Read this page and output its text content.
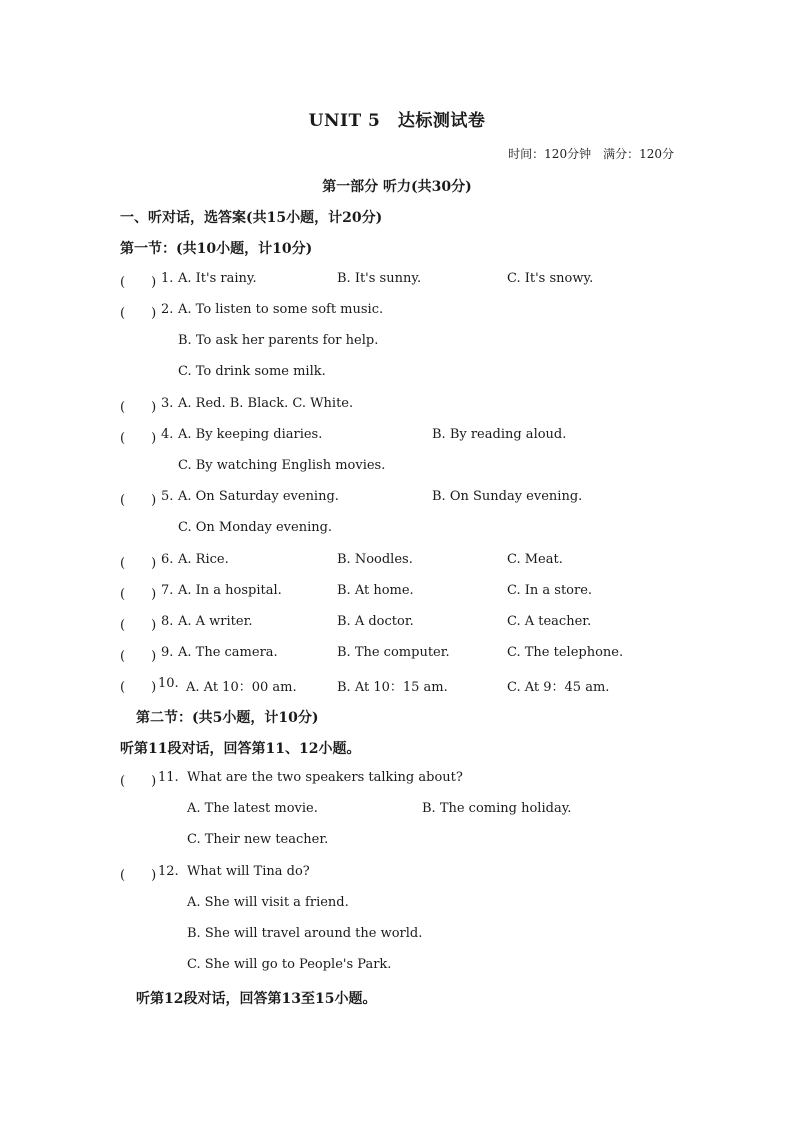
UNIT 5　达标测试卷
时间：120分钟　 满分：120分
第一部分 听力(共30分)
一、听对话，选答案(共15小题，计20分)
第一节：(共10小题，计10分)
(　　) 1. A. It's rainy.	B. It's sunny.	C. It's snowy.
(　　) 2. A. To listen to some soft music.
B. To ask her parents for help.
C. To drink some milk.
(　　) 3. A. Red. B. Black. C. White.
(　　) 4. A. By keeping diaries.	B. By reading aloud.
C. By watching English movies.
(　　) 5. A. On Saturday evening.	B. On Sunday evening.
C. On Monday evening.
(　　) 6. A. Rice.	B. Noodles.	C. Meat.
(　　) 7. A. In a hospital.	B. At home.	C. In a store.
(　　) 8. A. A writer.	B. A doctor.	C. A teacher.
(　　) 9. A. The camera.	B. The computer.	C. The telephone.
(　　) 10. A. At 10：00 am.	B. At 10：15 am.	C. At 9：45 am.
第二节：(共5小题，计10分)
听第11段对话，回答第11、12小题。
(　　) 11. What are the two speakers talking about?
A. The latest movie.	B. The coming holiday.
C. Their new teacher.
(　　) 12. What will Tina do?
A. She will visit a friend.
B. She will travel around the world.
C. She will go to People's Park.
听第12段对话，回答第13至15小题。
